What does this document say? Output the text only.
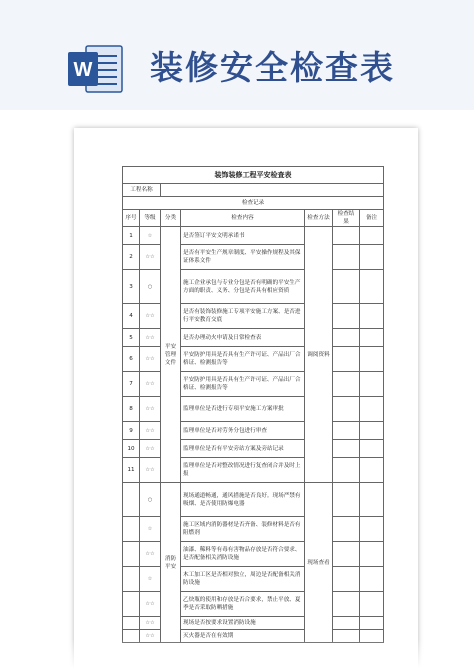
W 装修安全检查表
装饰装修工程平安检查表						
工程名称						
检查记录						
序号	等级	分类	检查内容	检查方法	检查结果	备注
1	☆	平安管理文件	是否签订平安文明承诺书	调阅资料		
2	☆☆		是否有平安生产规章制度、平安操作规程及其保证体系文件			
3	○		施工企业承包与专业分包是否有明确的平安生产方面的职责、义务、分包是否具有相应资质			
4	☆☆		是否有装饰装修施工专项平安施工方案、是否进行平安教育交底			
5	☆☆		是否办理动火申请及日常检查表			
6	☆☆		平安防护用具是否具有生产许可证、产品出厂合格证、检测报告等			
7	☆☆		平安防护用具是否具有生产许可证、产品出厂合格证、检测报告等			
8	☆☆		监理单位是否进行专项平安施工方案审批			
9	☆☆		监理单位是否对劳务分包进行审查			
10	☆☆		监理单位是否有平安旁站方案及旁站记录			
11	☆☆		监理单位是否对整改情况进行复查闭合并及时上报			
	○	消防平安	现场通道畅通，通风措施是否良好。现场严禁有吸烟、是否使用防爆电器	现场查看		
	☆		施工区域内消防器材是否齐备、装修材料是否有阻燃剂			
	☆☆		油漆、稀料等有毒有害物品存放是否符合要求、是否配备相关消防设施			
	☆		木工加工区是否相对独立，周边是否配备相关消防设施			
	☆☆		乙炔瓶的使用和存放是否合要求，禁止平放、夏季是否采取防晒措施			
	☆☆		现场是否按要求设置消防设施			
	☆☆		灭火器是否在有效期			
